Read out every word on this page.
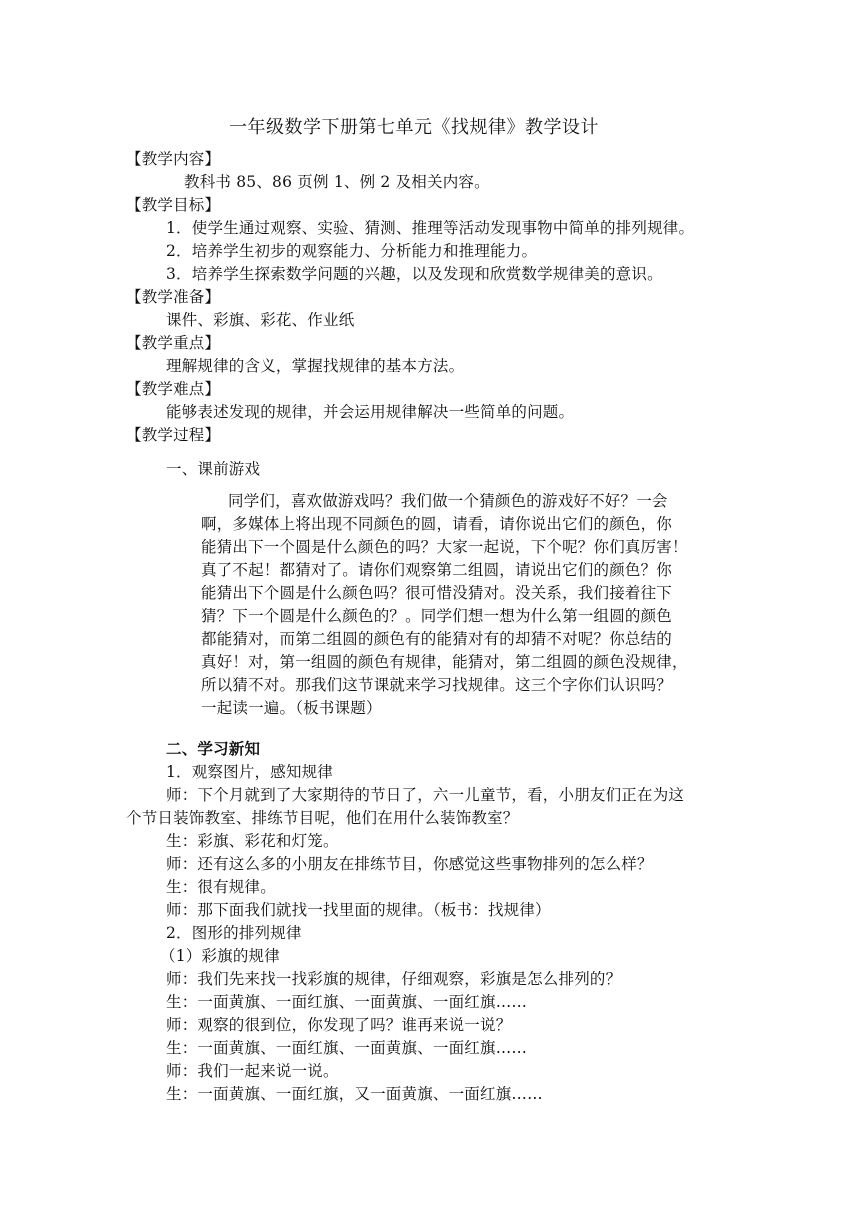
一年级数学下册第七单元《找规律》教学设计
【教学内容】
教科书 85、86 页例 1、例 2 及相关内容。
【教学目标】
1．使学生通过观察、实验、猜测、推理等活动发现事物中简单的排列规律。
2．培养学生初步的观察能力、分析能力和推理能力。
3．培养学生探索数学问题的兴趣，以及发现和欣赏数学规律美的意识。
【教学准备】
课件、彩旗、彩花、作业纸
【教学重点】
理解规律的含义，掌握找规律的基本方法。
【教学难点】
能够表述发现的规律，并会运用规律解决一些简单的问题。
【教学过程】
一、课前游戏
同学们，喜欢做游戏吗？我们做一个猜颜色的游戏好不好？一会
啊，多媒体上将出现不同颜色的圆，请看，请你说出它们的颜色，你
能猜出下一个圆是什么颜色的吗？大家一起说，下个呢？你们真厉害！
真了不起！都猜对了。请你们观察第二组圆，请说出它们的颜色？你
能猜出下个圆是什么颜色吗？很可惜没猜对。没关系，我们接着往下
猜？下一个圆是什么颜色的？。同学们想一想为什么第一组圆的颜色
都能猜对，而第二组圆的颜色有的能猜对有的却猜不对呢？你总结的
真好！对，第一组圆的颜色有规律，能猜对，第二组圆的颜色没规律，
所以猜不对。那我们这节课就来学习找规律。这三个字你们认识吗？
一起读一遍。（板书课题）
二、学习新知
1．观察图片，感知规律
师：下个月就到了大家期待的节日了，六一儿童节，看，小朋友们正在为这
个节日装饰教室、排练节目呢，他们在用什么装饰教室？
生：彩旗、彩花和灯笼。
师：还有这么多的小朋友在排练节目，你感觉这些事物排列的怎么样？
生：很有规律。
师：那下面我们就找一找里面的规律。（板书：找规律）
2．图形的排列规律
（1）彩旗的规律
师：我们先来找一找彩旗的规律，仔细观察，彩旗是怎么排列的？
生：一面黄旗、一面红旗、一面黄旗、一面红旗……
师：观察的很到位，你发现了吗？谁再来说一说？
生：一面黄旗、一面红旗、一面黄旗、一面红旗……
师：我们一起来说一说。
生：一面黄旗、一面红旗，又一面黄旗、一面红旗……
